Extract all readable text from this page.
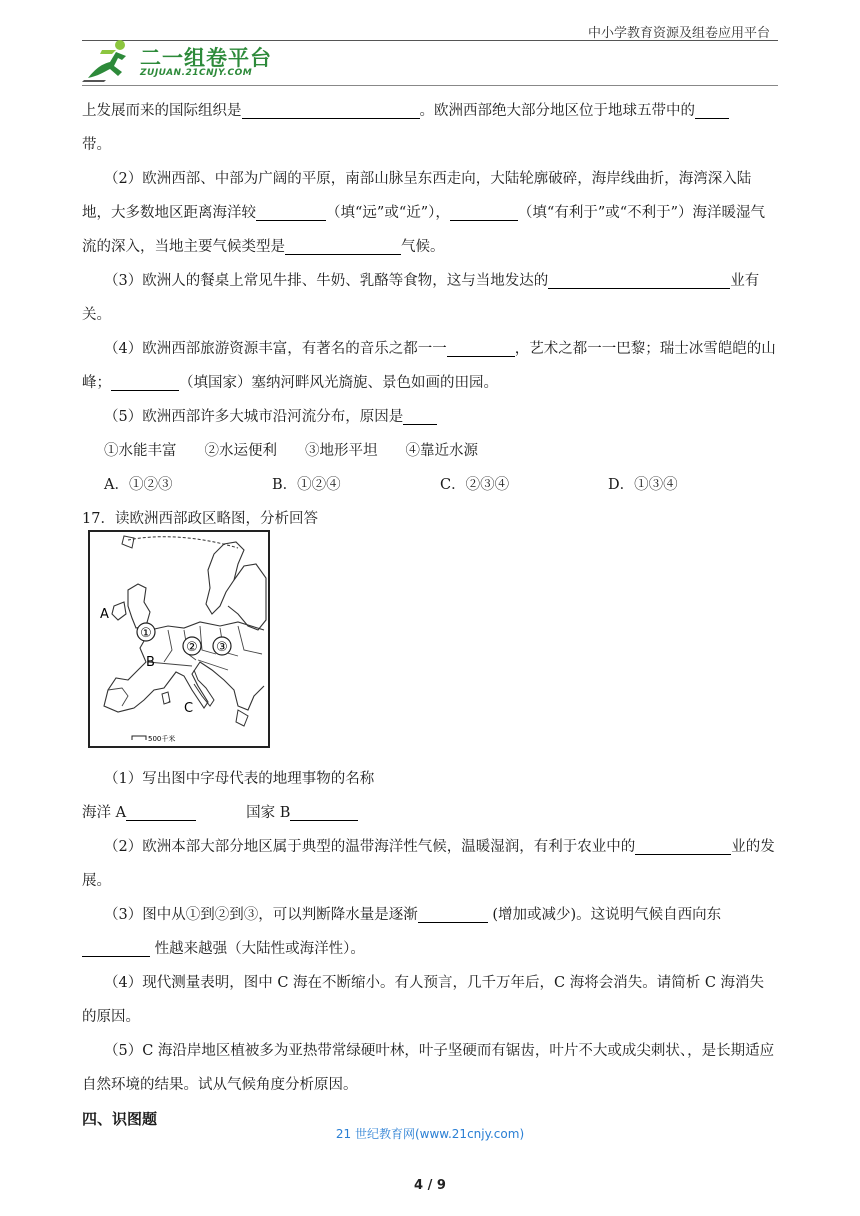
中小学教育资源及组卷应用平台
二一组卷平台
ZUJUAN.21CNJY.COM

上发展而来的国际组织是	。欧洲西部绝大部分地区位于地球五带中的
带。

（2）欧洲西部、中部为广阔的平原，南部山脉呈东西走向，大陆轮廓破碎，海岸线曲折，海湾深入陆地，大多数地区距离海洋较	（填“远”或“近”），	（填“有利于”或“不利于”）海洋暖湿气流的深入，当地主要气候类型是	气候。

（3）欧洲人的餐桌上常见牛排、牛奶、乳酪等食物，这与当地发达的	业有关。

（4）欧洲西部旅游资源丰富，有著名的音乐之都一一	，艺术之都一一巴黎；瑞士冰雪皑皑的山峰；	（填国家）塞纳河畔风光旖旎、景色如画的田园。

（5）欧洲西部许多大城市沿河流分布，原因是

①水能丰富 ②水运便利 ③地形平坦 ④靠近水源

A．①②③	B．①②④	C．②③④	D．①③④

17．读欧洲西部政区略图，分析回答

（1）写出图中字母代表的地理事物的名称

海洋 A	国家 B

（2）欧洲本部大部分地区属于典型的温带海洋性气候，温暖湿润，有利于农业中的	业的发展。

（3）图中从①到②到③，可以判断降水量是逐渐	(增加或减少)。这说明气候自西向东 性越来越强（大陆性或海洋性）。

（4）现代测量表明，图中 C 海在不断缩小。有人预言，几千万年后，C 海将会消失。请简析 C 海消失的原因。

（5）C 海沿岸地区植被多为亚热带常绿硬叶林，叶子坚硬而有锯齿，叶片不大或成尖刺状、，是长期适应自然环境的结果。试从气候角度分析原因。

四、识图题

①
② ③
A
B
C
.
500千米
21 世纪教育网(www.21cnjy.com)
4 / 9
